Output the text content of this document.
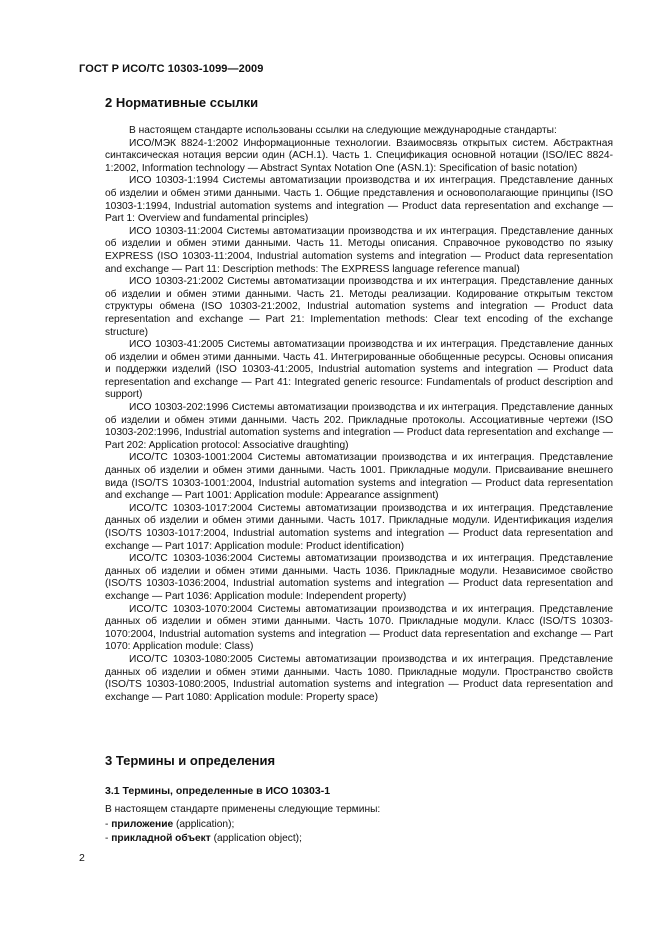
ГОСТ Р ИСО/ТС 10303-1099—2009
2 Нормативные ссылки

В настоящем стандарте использованы ссылки на следующие международные стандарты:

ИСО/МЭК 8824-1:2002 Информационные технологии. Взаимосвязь открытых систем. Абстрактная синтаксическая нотация версии один (АСН.1). Часть 1. Спецификация основной нотации (ISO/IEC 8824-1:2002, Information technology — Abstract Syntax Notation One (ASN.1): Specification of basic notation)

ИСО 10303-1:1994 Системы автоматизации производства и их интеграция. Представление данных об изделии и обмен этими данными. Часть 1. Общие представления и основополагающие принципы (ISO 10303-1:1994, Industrial automation systems and integration — Product data representation and exchange — Part 1: Overview and fundamental principles)

ИСО 10303-11:2004 Системы автоматизации производства и их интеграция. Представление данных об изделии и обмен этими данными. Часть 11. Методы описания. Справочное руководство по языку EXPRESS (ISO 10303-11:2004, Industrial automation systems and integration — Product data representation and exchange — Part 11: Description methods: The EXPRESS language reference manual)

ИСО 10303-21:2002 Системы автоматизации производства и их интеграция. Представление данных об изделии и обмен этими данными. Часть 21. Методы реализации. Кодирование открытым текстом структуры обмена (ISO 10303-21:2002, Industrial automation systems and integration — Product data representation and exchange — Part 21: Implementation methods: Clear text encoding of the exchange structure)

ИСО 10303-41:2005 Системы автоматизации производства и их интеграция. Представление данных об изделии и обмен этими данными. Часть 41. Интегрированные обобщенные ресурсы. Основы описания и поддержки изделий (ISO 10303-41:2005, Industrial automation systems and integration — Product data representation and exchange — Part 41: Integrated generic resource: Fundamentals of product description and support)

ИСО 10303-202:1996 Системы автоматизации производства и их интеграция. Представление данных об изделии и обмен этими данными. Часть 202. Прикладные протоколы. Ассоциативные чертежи (ISO 10303-202:1996, Industrial automation systems and integration — Product data representation and exchange — Part 202: Application protocol: Associative draughting)

ИСО/ТС 10303-1001:2004 Системы автоматизации производства и их интеграция. Представление данных об изделии и обмен этими данными. Часть 1001. Прикладные модули. Присваивание внешнего вида (ISO/TS 10303-1001:2004, Industrial automation systems and integration — Product data representation and exchange — Part 1001: Application module: Appearance assignment)

ИСО/ТС 10303-1017:2004 Системы автоматизации производства и их интеграция. Представление данных об изделии и обмен этими данными. Часть 1017. Прикладные модули. Идентификация изделия (ISO/TS 10303-1017:2004, Industrial automation systems and integration — Product data representation and exchange — Part 1017: Application module: Product identification)

ИСО/ТС 10303-1036:2004 Системы автоматизации производства и их интеграция. Представление данных об изделии и обмен этими данными. Часть 1036. Прикладные модули. Независимое свойство (ISO/TS 10303-1036:2004, Industrial automation systems and integration — Product data representation and exchange — Part 1036: Application module: Independent property)

ИСО/ТС 10303-1070:2004 Системы автоматизации производства и их интеграция. Представление данных об изделии и обмен этими данными. Часть 1070. Прикладные модули. Класс (ISO/TS 10303-1070:2004, Industrial automation systems and integration — Product data representation and exchange — Part 1070: Application module: Class)

ИСО/ТС 10303-1080:2005 Системы автоматизации производства и их интеграция. Представление данных об изделии и обмен этими данными. Часть 1080. Прикладные модули. Пространство свойств (ISO/TS 10303-1080:2005, Industrial automation systems and integration — Product data representation and exchange — Part 1080: Application module: Property space)

3 Термины и определения
3.1 Термины, определенные в ИСО 10303-1
В настоящем стандарте применены следующие термины:
- приложение (application);
- прикладной объект (application object);
2
